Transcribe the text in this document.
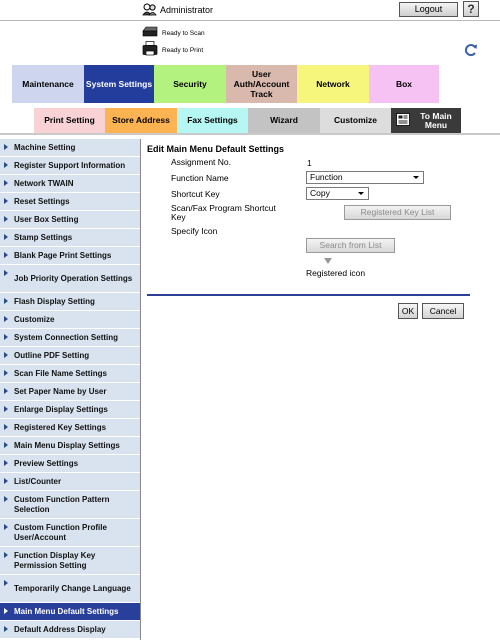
Administrator	Logout	?
Ready to Scan
Ready to Print
Maintenance System Settings Security
User Auth/Account Track
Network	Box
Print Setting Store Address Fax Settings	Wizard	Customize	To Main Menu
Machine Setting
Register Support Information
Network TWAIN
Reset Settings
User Box Setting
Stamp Settings
Blank Page Print Settings
Job Priority Operation Settings
Flash Display Setting
Customize
System Connection Setting
Outline PDF Setting
Scan File Name Settings
Set Paper Name by User
Enlarge Display Settings
Registered Key Settings
Main Menu Display Settings
Preview Settings
List/Counter
Custom Function Pattern Selection
Custom Function Profile User/Account
Function Display Key Permission Setting
Temporarily Change Language
Main Menu Default Settings
Default Address Display
Edit Main Menu Default Settings
Assignment No.	1
Function Name	Function
Shortcut Key	Copy
Scan/Fax Program Shortcut Key	Registered Key List
Specify Icon
Search from List
Registered icon
OK	Cancel
